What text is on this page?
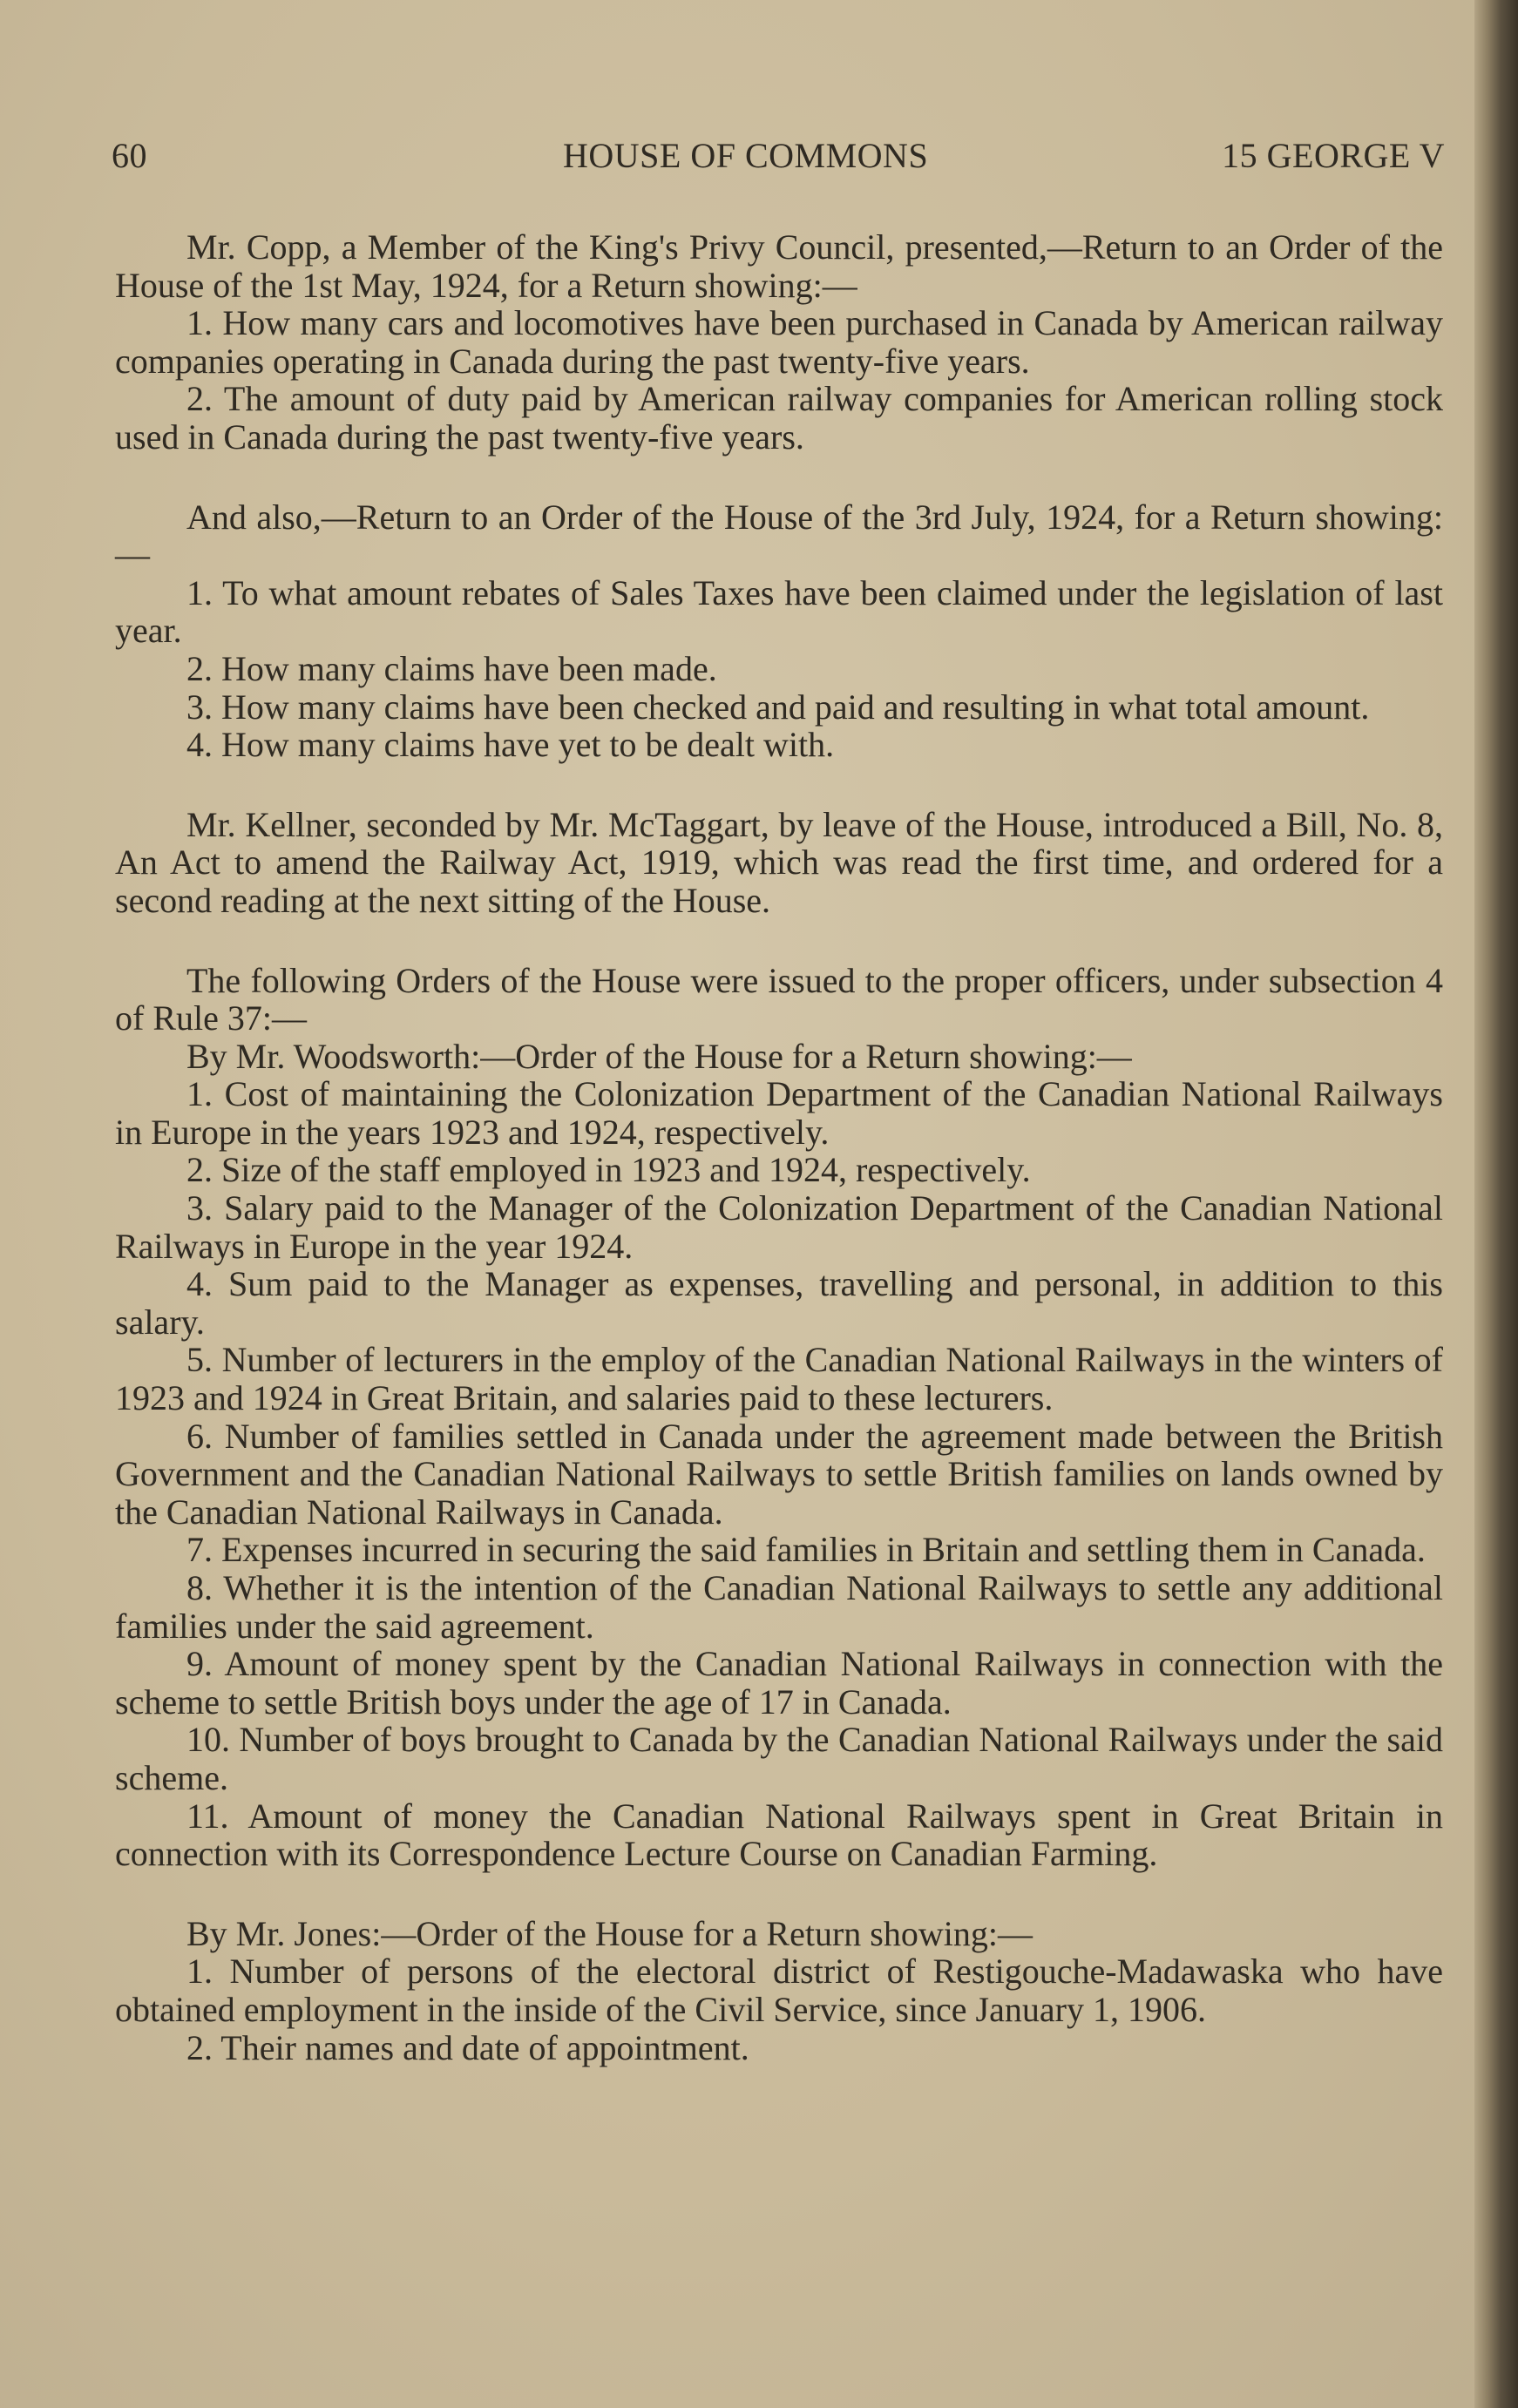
60	HOUSE OF COMMONS	15 GEORGE V

Mr. Copp, a Member of the King's Privy Council, presented,—Return to an Order of the House of the 1st May, 1924, for a Return showing:—

1. How many cars and locomotives have been purchased in Canada by American railway companies operating in Canada during the past twenty-five years.

2. The amount of duty paid by American railway companies for American rolling stock used in Canada during the past twenty-five years.

And also,—Return to an Order of the House of the 3rd July, 1924, for a Return showing:—

1. To what amount rebates of Sales Taxes have been claimed under the legislation of last year.

2. How many claims have been made.

3. How many claims have been checked and paid and resulting in what total amount.

4. How many claims have yet to be dealt with.

Mr. Kellner, seconded by Mr. McTaggart, by leave of the House, introduced a Bill, No. 8, An Act to amend the Railway Act, 1919, which was read the first time, and ordered for a second reading at the next sitting of the House.

The following Orders of the House were issued to the proper officers, under subsection 4 of Rule 37:—

By Mr. Woodsworth:—Order of the House for a Return showing:—

1. Cost of maintaining the Colonization Department of the Canadian National Railways in Europe in the years 1923 and 1924, respectively.

2. Size of the staff employed in 1923 and 1924, respectively.

3. Salary paid to the Manager of the Colonization Department of the Canadian National Railways in Europe in the year 1924.

4. Sum paid to the Manager as expenses, travelling and personal, in addition to this salary.

5. Number of lecturers in the employ of the Canadian National Railways in the winters of 1923 and 1924 in Great Britain, and salaries paid to these lecturers.

6. Number of families settled in Canada under the agreement made between the British Government and the Canadian National Railways to settle British families on lands owned by the Canadian National Railways in Canada.

7. Expenses incurred in securing the said families in Britain and settling them in Canada.

8. Whether it is the intention of the Canadian National Railways to settle any additional families under the said agreement.

9. Amount of money spent by the Canadian National Railways in connection with the scheme to settle British boys under the age of 17 in Canada.

10. Number of boys brought to Canada by the Canadian National Railways under the said scheme.

11. Amount of money the Canadian National Railways spent in Great Britain in connection with its Correspondence Lecture Course on Canadian Farming.

By Mr. Jones:—Order of the House for a Return showing:—

1. Number of persons of the electoral district of Restigouche-Madawaska who have obtained employment in the inside of the Civil Service, since January 1, 1906.

2. Their names and date of appointment.
